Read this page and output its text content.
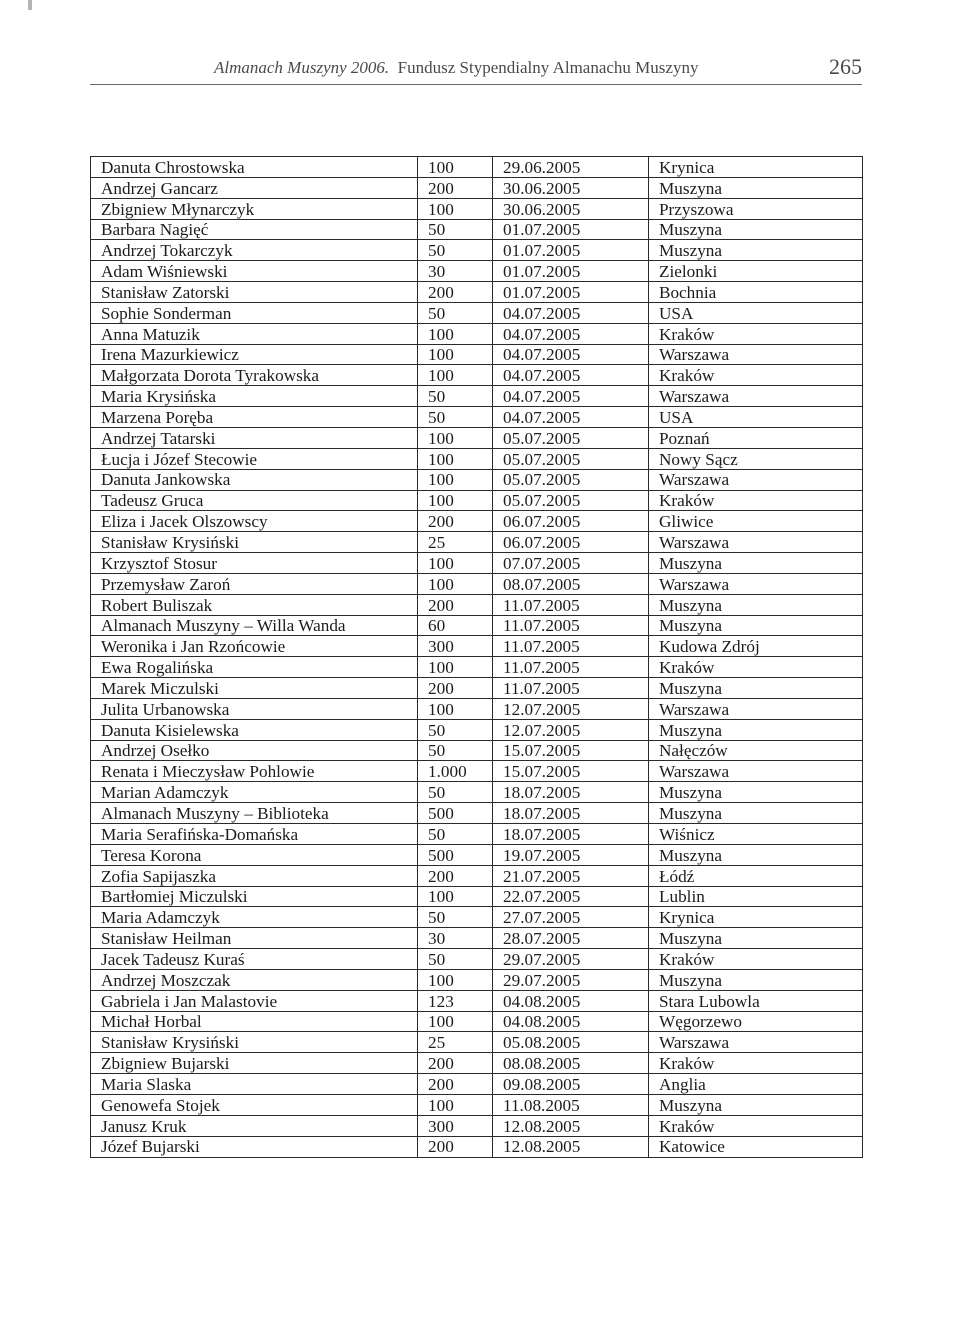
Almanach Muszyny 2006. Fundusz Stypendialny Almanachu Muszyny	265
Danuta Chrostowska	100	29.06.2005	Krynica
Andrzej Gancarz	200	30.06.2005	Muszyna
Zbigniew Młynarczyk	100	30.06.2005	Przyszowa
Barbara Nagięć	50	01.07.2005	Muszyna
Andrzej Tokarczyk	50	01.07.2005	Muszyna
Adam Wiśniewski	30	01.07.2005	Zielonki
Stanisław Zatorski	200	01.07.2005	Bochnia
Sophie Sonderman	50	04.07.2005	USA
Anna Matuzik	100	04.07.2005	Kraków
Irena Mazurkiewicz	100	04.07.2005	Warszawa
Małgorzata Dorota Tyrakowska	100	04.07.2005	Kraków
Maria Krysińska	50	04.07.2005	Warszawa
Marzena Poręba	50	04.07.2005	USA
Andrzej Tatarski	100	05.07.2005	Poznań
Łucja i Józef Stecowie	100	05.07.2005	Nowy Sącz
Danuta Jankowska	100	05.07.2005	Warszawa
Tadeusz Gruca	100	05.07.2005	Kraków
Eliza i Jacek Olszowscy	200	06.07.2005	Gliwice
Stanisław Krysiński	25	06.07.2005	Warszawa
Krzysztof Stosur	100	07.07.2005	Muszyna
Przemysław Zaroń	100	08.07.2005	Warszawa
Robert Buliszak	200	11.07.2005	Muszyna
Almanach Muszyny – Willa Wanda	60	11.07.2005	Muszyna
Weronika i Jan Rzońcowie	300	11.07.2005	Kudowa Zdrój
Ewa Rogalińska	100	11.07.2005	Kraków
Marek Miczulski	200	11.07.2005	Muszyna
Julita Urbanowska	100	12.07.2005	Warszawa
Danuta Kisielewska	50	12.07.2005	Muszyna
Andrzej Osełko	50	15.07.2005	Nałęczów
Renata i Mieczysław Pohlowie	1.000	15.07.2005	Warszawa
Marian Adamczyk	50	18.07.2005	Muszyna
Almanach Muszyny – Biblioteka	500	18.07.2005	Muszyna
Maria Serafińska-Domańska	50	18.07.2005	Wiśnicz
Teresa Korona	500	19.07.2005	Muszyna
Zofia Sapijaszka	200	21.07.2005	Łódź
Bartłomiej Miczulski	100	22.07.2005	Lublin
Maria Adamczyk	50	27.07.2005	Krynica
Stanisław Heilman	30	28.07.2005	Muszyna
Jacek Tadeusz Kuraś	50	29.07.2005	Kraków
Andrzej Moszczak	100	29.07.2005	Muszyna
Gabriela i Jan Malastovie	123	04.08.2005	Stara Lubowla
Michał Horbal	100	04.08.2005	Węgorzewo
Stanisław Krysiński	25	05.08.2005	Warszawa
Zbigniew Bujarski	200	08.08.2005	Kraków
Maria Slaska	200	09.08.2005	Anglia
Genowefa Stojek	100	11.08.2005	Muszyna
Janusz Kruk	300	12.08.2005	Kraków
Józef Bujarski	200	12.08.2005	Katowice
